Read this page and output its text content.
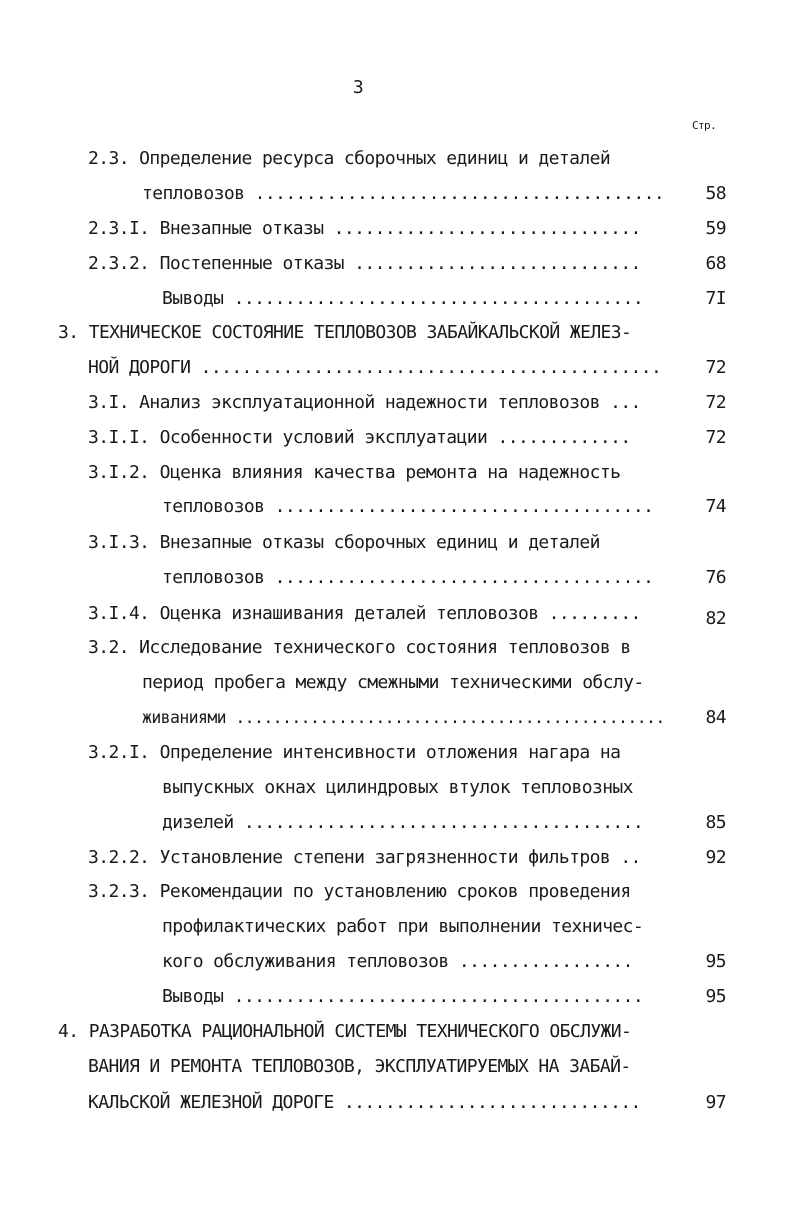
3
Стр.
2.3. Определение ресурса сборочных единиц и деталей
тепловозов ........................................	58
2.3.I. Внезапные отказы ..............................	59
2.3.2. Постепенные отказы ............................	68
Выводы ........................................	7I
3. ТЕХНИЧЕСКОЕ СОСТОЯНИЕ ТЕПЛОВОЗОВ ЗАБАЙКАЛЬСКОЙ ЖЕЛЕЗ-
НОЙ ДОРОГИ .............................................	72
3.I. Анализ эксплуатационной надежности тепловозов ...	72
3.I.I. Особенности условий эксплуатации .............	72
3.I.2. Оценка влияния качества ремонта на надежность
тепловозов .....................................	74
3.I.3. Внезапные отказы сборочных единиц и деталей
тепловозов .....................................	76
3.I.4. Оценка изнашивания деталей тепловозов .........	82
3.2. Исследование технического состояния тепловозов в
период пробега между смежными техническими обслу-
живаниями ..............................................	84
3.2.I. Определение интенсивности отложения нагара на
выпускных окнах цилиндровых втулок тепловозных
дизелей .......................................	85
3.2.2. Установление степени загрязненности фильтров ..	92
3.2.3. Рекомендации по установлению сроков проведения
профилактических работ при выполнении техничес-
кого обслуживания тепловозов .................	95
Выводы ........................................	95
4. РАЗРАБОТКА РАЦИОНАЛЬНОЙ СИСТЕМЫ ТЕХНИЧЕСКОГО ОБСЛУЖИ-
ВАНИЯ И РЕМОНТА ТЕПЛОВОЗОВ, ЭКСПЛУАТИРУЕМЫХ НА ЗАБАЙ-
КАЛЬСКОЙ ЖЕЛЕЗНОЙ ДОРОГЕ .............................	97
